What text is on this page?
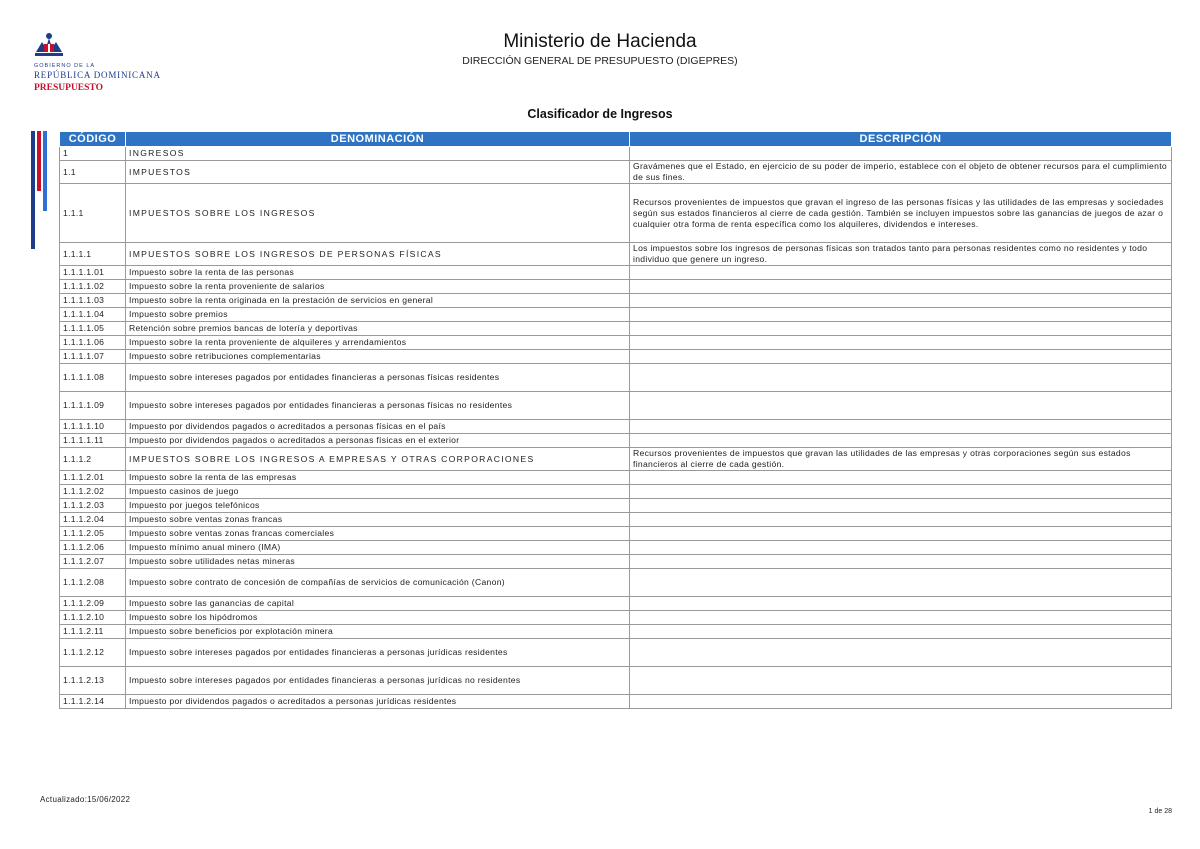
GOBIERNO DE LA
REPÚBLICA DOMINICANA
PRESUPUESTO
Ministerio de Hacienda
DIRECCIÓN GENERAL DE PRESUPUESTO (DIGEPRES)
Clasificador de Ingresos
CÓDIGO	DENOMINACIÓN	DESCRIPCIÓN
1	INGRESOS	
1.1	IMPUESTOS	Gravámenes que el Estado, en ejercicio de su poder de imperio, establece con el objeto de obtener recursos para el cumplimiento de sus fines.
1.1.1	IMPUESTOS SOBRE LOS INGRESOS	Recursos provenientes de impuestos que gravan el ingreso de las personas físicas y las utilidades de las empresas y sociedades según sus estados financieros al cierre de cada gestión. También se incluyen impuestos sobre las ganancias de juegos de azar o cualquier otra forma de renta específica como los alquileres, dividendos e intereses.
1.1.1.1	IMPUESTOS SOBRE LOS INGRESOS DE PERSONAS FÍSICAS	Los impuestos sobre los ingresos de personas físicas son tratados tanto para personas residentes como no residentes y todo individuo que genere un ingreso.
1.1.1.1.01	Impuesto sobre la renta de las personas	
1.1.1.1.02	Impuesto sobre la renta proveniente de salarios	
1.1.1.1.03	Impuesto sobre la renta originada en la prestación de servicios en general	
1.1.1.1.04	Impuesto sobre premios	
1.1.1.1.05	Retención sobre premios bancas de lotería y deportivas	
1.1.1.1.06	Impuesto sobre la renta proveniente de alquileres y arrendamientos	
1.1.1.1.07	Impuesto sobre retribuciones complementarias	
1.1.1.1.08	Impuesto sobre intereses pagados por entidades financieras a personas físicas residentes	
1.1.1.1.09	Impuesto sobre intereses pagados por entidades financieras a personas físicas no residentes	
1.1.1.1.10	Impuesto por dividendos pagados o acreditados a personas físicas en el país	
1.1.1.1.11	Impuesto por dividendos pagados o acreditados a personas físicas en el exterior	
1.1.1.2	IMPUESTOS SOBRE LOS INGRESOS A EMPRESAS Y OTRAS CORPORACIONES	Recursos provenientes de impuestos que gravan las utilidades de las empresas y otras corporaciones según sus estados financieros al cierre de cada gestión.
1.1.1.2.01	Impuesto sobre la renta de las empresas	
1.1.1.2.02	Impuesto casinos de juego	
1.1.1.2.03	Impuesto por juegos telefónicos	
1.1.1.2.04	Impuesto sobre ventas zonas francas	
1.1.1.2.05	Impuesto sobre ventas zonas francas comerciales	
1.1.1.2.06	Impuesto mínimo anual minero (IMA)	
1.1.1.2.07	Impuesto sobre utilidades netas mineras	
1.1.1.2.08	Impuesto sobre contrato de concesión de compañías de servicios de comunicación (Canon)	
1.1.1.2.09	Impuesto sobre las ganancias de capital	
1.1.1.2.10	Impuesto sobre los hipódromos	
1.1.1.2.11	Impuesto sobre beneficios por explotación minera	
1.1.1.2.12	Impuesto sobre intereses pagados por entidades financieras a personas jurídicas residentes	
1.1.1.2.13	Impuesto sobre intereses pagados por entidades financieras a personas jurídicas no residentes	
1.1.1.2.14	Impuesto por dividendos pagados o acreditados a personas jurídicas residentes	
Actualizado:15/06/2022
1 de 28
